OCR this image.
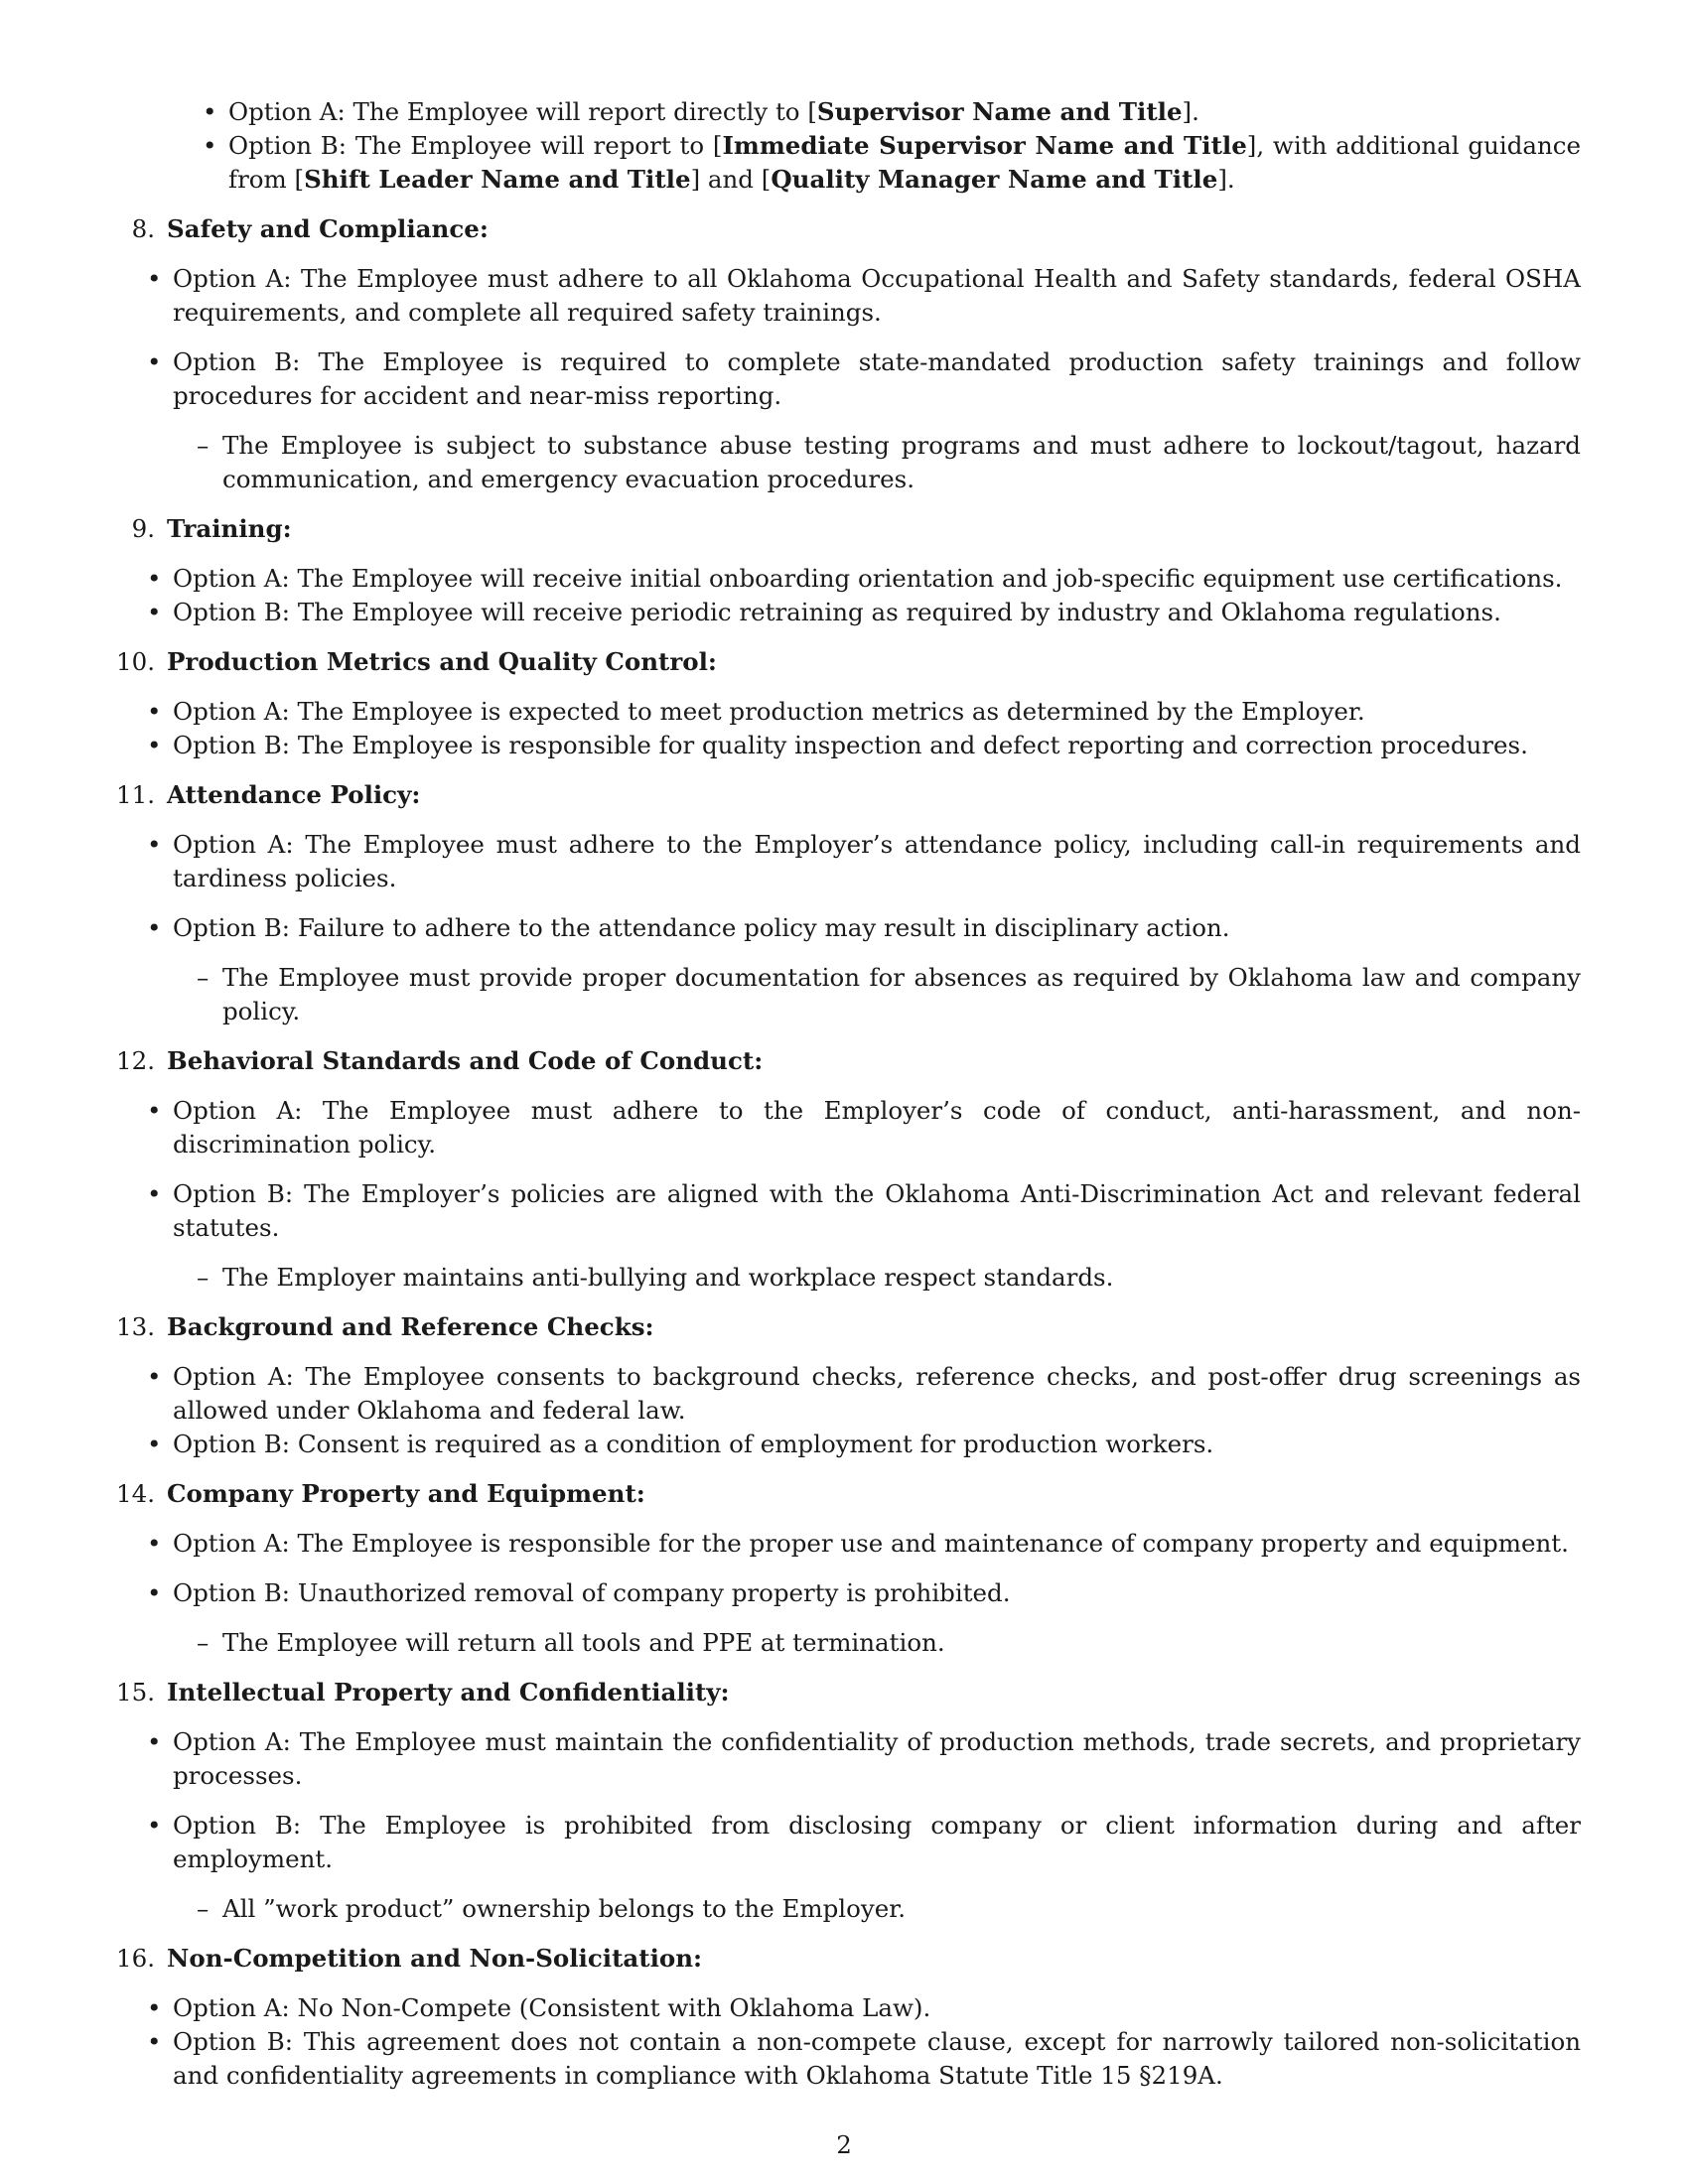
• Option A: The Employee will report directly to [Supervisor Name and Title].
• Option B: The Employee will report to [Immediate Supervisor Name and Title], with additional guidance from [Shift Leader Name and Title] and [Quality Manager Name and Title].
8. Safety and Compliance:
• Option A: The Employee must adhere to all Oklahoma Occupational Health and Safety standards, federal OSHA requirements, and complete all required safety trainings.
• Option B: The Employee is required to complete state-mandated production safety trainings and follow procedures for accident and near-miss reporting.
– The Employee is subject to substance abuse testing programs and must adhere to lockout/tagout, hazard communication, and emergency evacuation procedures.
9. Training:
• Option A: The Employee will receive initial onboarding orientation and job-specific equipment use certifications.
• Option B: The Employee will receive periodic retraining as required by industry and Oklahoma regulations.
10. Production Metrics and Quality Control:
• Option A: The Employee is expected to meet production metrics as determined by the Employer.
• Option B: The Employee is responsible for quality inspection and defect reporting and correction procedures.
11. Attendance Policy:
• Option A: The Employee must adhere to the Employer’s attendance policy, including call-in requirements and tardiness policies.
• Option B: Failure to adhere to the attendance policy may result in disciplinary action.
– The Employee must provide proper documentation for absences as required by Oklahoma law and company policy.
12. Behavioral Standards and Code of Conduct:
• Option A: The Employee must adhere to the Employer’s code of conduct, anti-harassment, and non-discrimination policy.
• Option B: The Employer’s policies are aligned with the Oklahoma Anti-Discrimination Act and relevant federal statutes.
– The Employer maintains anti-bullying and workplace respect standards.
13. Background and Reference Checks:
• Option A: The Employee consents to background checks, reference checks, and post-offer drug screenings as allowed under Oklahoma and federal law.
• Option B: Consent is required as a condition of employment for production workers.
14. Company Property and Equipment:
• Option A: The Employee is responsible for the proper use and maintenance of company property and equipment.
• Option B: Unauthorized removal of company property is prohibited.
– The Employee will return all tools and PPE at termination.
15. Intellectual Property and Confidentiality:
• Option A: The Employee must maintain the confidentiality of production methods, trade secrets, and proprietary processes.
• Option B: The Employee is prohibited from disclosing company or client information during and after employment.
– All ”work product” ownership belongs to the Employer.
16. Non-Competition and Non-Solicitation:
• Option A: No Non-Compete (Consistent with Oklahoma Law).
• Option B: This agreement does not contain a non-compete clause, except for narrowly tailored non-solicitation and confidentiality agreements in compliance with Oklahoma Statute Title 15 §219A.
2
